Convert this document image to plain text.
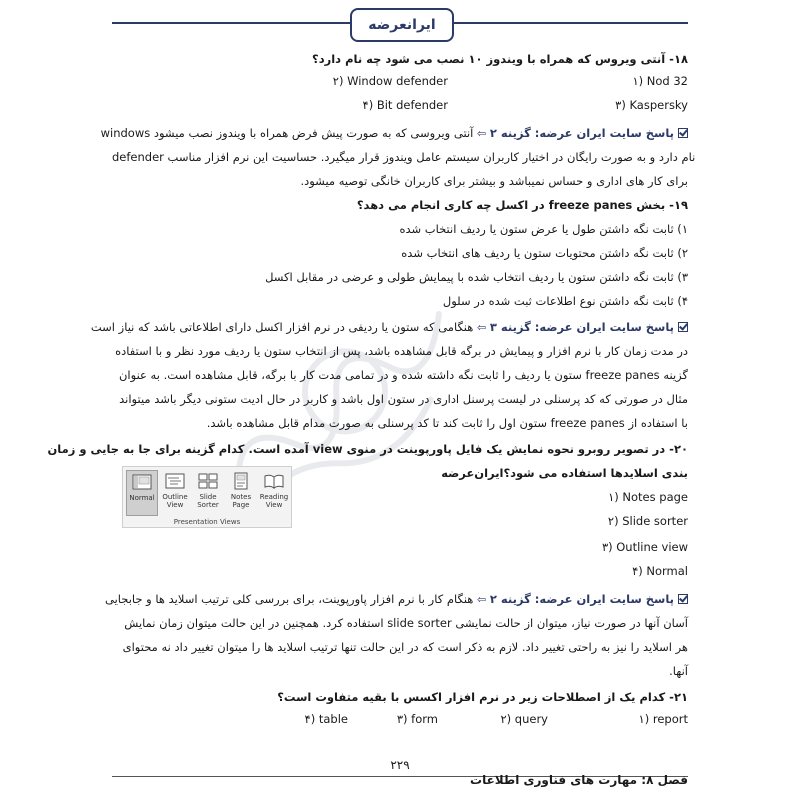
ایرانعرضه
۱۸- آنتی ویروس که همراه با ویندوز ۱۰ نصب می شود چه نام دارد؟
۱) Nod 32
۲) Window defender
۳) Kaspersky
۴) Bit defender
پاسخ سایت ایران عرضه: گزینه ۲ ⇦ آنتی ویروسی که به صورت پیش فرض همراه با ویندوز نصب میشود windows
defender نام دارد و به صورت رایگان در اختیار کاربران سیستم عامل ویندوز قرار میگیرد. حساسیت این نرم افزار مناسب
برای کار های اداری و حساس نمیباشد و بیشتر برای کاربران خانگی توصیه میشود.
۱۹- بخش freeze panes در اکسل چه کاری انجام می دهد؟
۱) ثابت نگه داشتن طول یا عرض ستون یا ردیف انتخاب شده
۲) ثابت نگه داشتن محتویات ستون یا ردیف های انتخاب شده
۳) ثابت نگه داشتن ستون یا ردیف انتخاب شده با پیمایش طولی و عرضی در مقابل اکسل
۴) ثابت نگه داشتن نوع اطلاعات ثبت شده در سلول
پاسخ سایت ایران عرضه: گزینه ۳ ⇦ هنگامی که ستون یا ردیفی در نرم افزار اکسل دارای اطلاعاتی باشد که نیاز است
در مدت زمان کار با نرم افزار و پیمایش در برگه قابل مشاهده باشد، پس از انتخاب ستون یا ردیف مورد نظر و با استفاده
گزینه freeze panes ستون یا ردیف را ثابت نگه داشته شده و در تمامی مدت کار با برگه، قابل مشاهده است. به عنوان
مثال در صورتی که کد پرسنلی در لیست پرسنل اداری در ستون اول باشد و کاربر در حال ادیت ستونی دیگر باشد میتواند
با استفاده از freeze panes ستون اول را ثابت کند تا کد پرسنلی به صورت مدام قابل مشاهده باشد.
۲۰- در تصویر روبرو نحوه نمایش یک فایل پاورپوینت در منوی view آمده است. کدام گزینه برای جا به جایی و زمان
بندی اسلایدها استفاده می شود؟ایران‌عرضه‌
۱) Notes page
۲) Slide sorter
۳) Outline view
۴) Normal
Normal	Outline View
Slide Sorter
Notes Page
Reading View
Presentation Views
پاسخ سایت ایران عرضه: گزینه ۲ ⇦ هنگام کار با نرم افزار پاورپوینت، برای بررسی کلی ترتیب اسلاید ها و جابجایی
آسان آنها در صورت نیاز، میتوان از حالت نمایشی slide sorter استفاده کرد. همچنین در این حالت میتوان زمان نمایش
هر اسلاید را نیز به راحتی تغییر داد. لازم به ذکر است که در این حالت تنها ترتیب اسلاید ها را میتوان تغییر داد نه محتوای
آنها.
۲۱- کدام یک از اصطلاحات زیر در نرم افزار اکسس با بقیه متفاوت است؟
۱) report
۲) query
۳) form
۴) table
۲۲۹
فصل ۸: مهارت های فناوری اطلاعات
